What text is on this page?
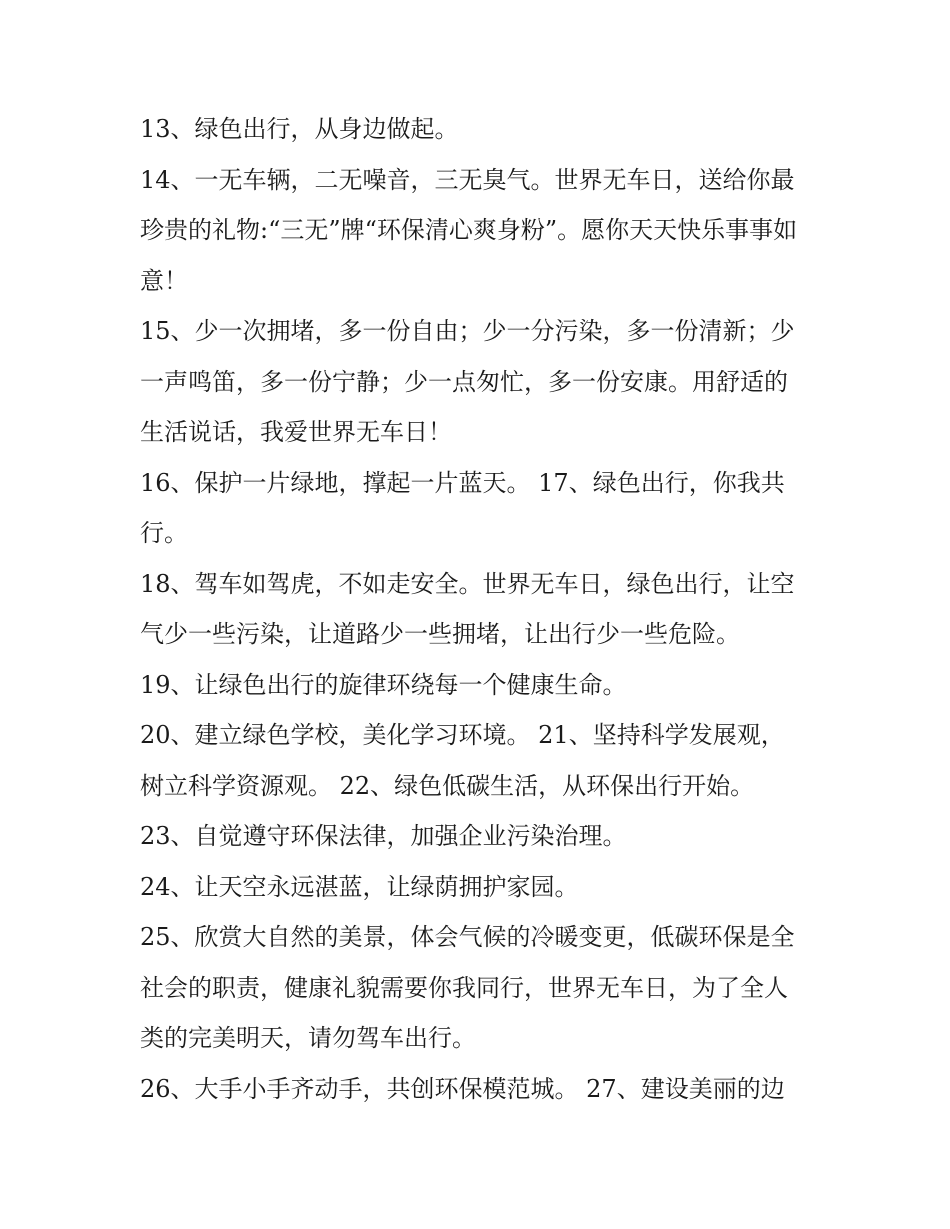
13、绿色出行，从身边做起。
14、一无车辆，二无噪音，三无臭气。世界无车日，送给你最
珍贵的礼物:“三无”牌“环保清心爽身粉”。愿你天天快乐事事如
意！
15、少一次拥堵，多一份自由；少一分污染，多一份清新；少
一声鸣笛，多一份宁静；少一点匆忙，多一份安康。用舒适的
生活说话，我爱世界无车日！
16、保护一片绿地，撑起一片蓝天。 17、绿色出行，你我共
行。
18、驾车如驾虎，不如走安全。世界无车日，绿色出行，让空
气少一些污染，让道路少一些拥堵，让出行少一些危险。
19、让绿色出行的旋律环绕每一个健康生命。
20、建立绿色学校，美化学习环境。 21、坚持科学发展观，
树立科学资源观。 22、绿色低碳生活，从环保出行开始。
23、自觉遵守环保法律，加强企业污染治理。
24、让天空永远湛蓝，让绿荫拥护家园。
25、欣赏大自然的美景，体会气候的冷暖变更，低碳环保是全
社会的职责，健康礼貌需要你我同行，世界无车日，为了全人
类的完美明天，请勿驾车出行。
26、大手小手齐动手，共创环保模范城。 27、建设美丽的边
